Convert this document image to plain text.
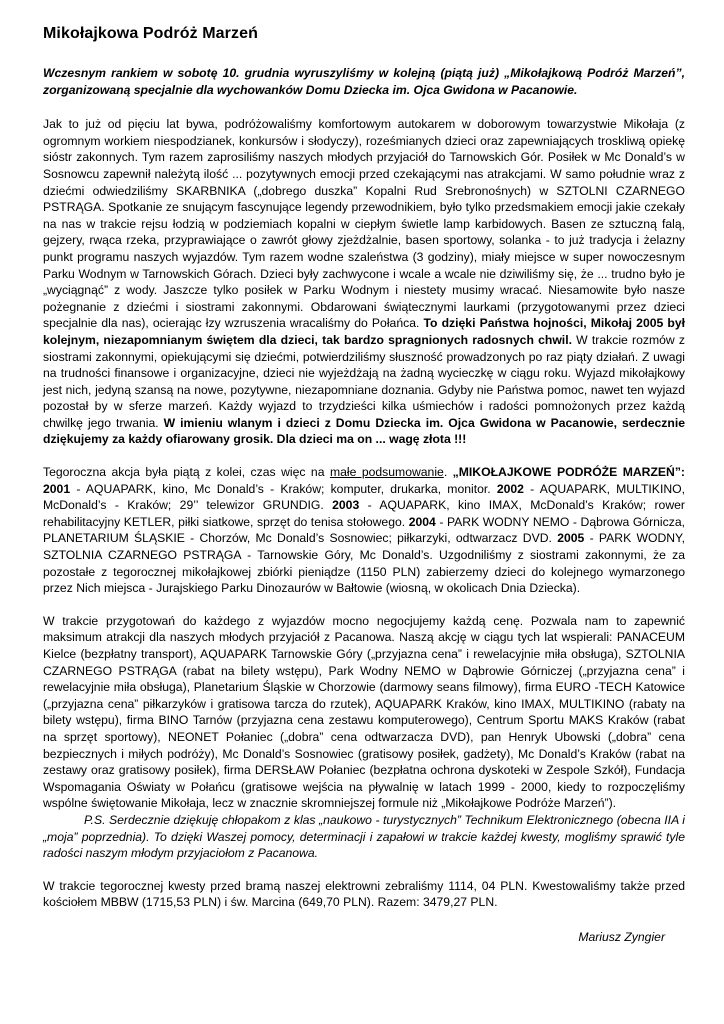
Mikołajkowa Podróż Marzeń

Wczesnym rankiem w sobotę 10. grudnia wyruszyliśmy w kolejną (piątą już) „Mikołajkową Podróż Marzeń”, zorganizowaną specjalnie dla wychowanków Domu Dziecka im. Ojca Gwidona w Pacanowie.

Jak to już od pięciu lat bywa, podróżowaliśmy komfortowym autokarem w doborowym towarzystwie Mikołaja (z ogromnym workiem niespodzianek, konkursów i słodyczy), roześmianych dzieci oraz zapewniających troskliwą opiekę sióstr zakonnych. Tym razem zaprosiliśmy naszych młodych przyjaciół do Tarnowskich Gór. Posiłek w Mc Donald’s w Sosnowcu zapewnił należytą ilość ... pozytywnych emocji przed czekającymi nas atrakcjami. W samo południe wraz z dziećmi odwiedziliśmy SKARBNIKA („dobrego duszka” Kopalni Rud Srebronośnych) w SZTOLNI CZARNEGO PSTRĄGA. Spotkanie ze snującym fascynujące legendy przewodnikiem, było tylko przedsmakiem emocji jakie czekały na nas w trakcie rejsu łodzią w podziemiach kopalni w ciepłym świetle lamp karbidowych. Basen ze sztuczną falą, gejzery, rwąca rzeka, przyprawiające o zawrót głowy zjeżdżalnie, basen sportowy, solanka - to już tradycja i żelazny punkt programu naszych wyjazdów. Tym razem wodne szaleństwa (3 godziny), miały miejsce w super nowoczesnym Parku Wodnym w Tarnowskich Górach. Dzieci były zachwycone i wcale a wcale nie dziwiliśmy się, że ... trudno było je „wyciągnąć” z wody. Jaszcze tylko posiłek w Parku Wodnym i niestety musimy wracać. Niesamowite było nasze pożegnanie z dziećmi i siostrami zakonnymi. Obdarowani świątecznymi laurkami (przygotowanymi przez dzieci specjalnie dla nas), ocierając łzy wzruszenia wracaliśmy do Połańca. To dzięki Państwa hojności, Mikołaj 2005 był kolejnym, niezapomnianym świętem dla dzieci, tak bardzo spragnionych radosnych chwil. W trakcie rozmów z siostrami zakonnymi, opiekującymi się dziećmi, potwierdziliśmy słuszność prowadzonych po raz piąty działań. Z uwagi na trudności finansowe i organizacyjne, dzieci nie wyjeżdżają na żadną wycieczkę w ciągu roku. Wyjazd mikołajkowy jest nich, jedyną szansą na nowe, pozytywne, niezapomniane doznania. Gdyby nie Państwa pomoc, nawet ten wyjazd pozostał by w sferze marzeń. Każdy wyjazd to trzydzieści kilka uśmiechów i radości pomnożonych przez każdą chwilkę jego trwania. W imieniu wlanym i dzieci z Domu Dziecka im. Ojca Gwidona w Pacanowie, serdecznie dziękujemy za każdy ofiarowany grosik. Dla dzieci ma on ... wagę złota !!!

Tegoroczna akcja była piątą z kolei, czas więc na małe podsumowanie. „MIKOŁAJKOWE PODRÓŻE MARZEŃ”: 2001 - AQUAPARK, kino, Mc Donald’s - Kraków; komputer, drukarka, monitor. 2002 - AQUAPARK, MULTIKINO, McDonald’s - Kraków; 29’’ telewizor GRUNDIG. 2003 - AQUAPARK, kino IMAX, McDonald’s Kraków; rower rehabilitacyjny KETLER, piłki siatkowe, sprzęt do tenisa stołowego. 2004 - PARK WODNY NEMO - Dąbrowa Górnicza, PLANETARIUM ŚLĄSKIE - Chorzów, Mc Donald’s Sosnowiec; piłkarzyki, odtwarzacz DVD. 2005 - PARK WODNY, SZTOLNIA CZARNEGO PSTRĄGA - Tarnowskie Góry, Mc Donald’s. Uzgodniliśmy z siostrami zakonnymi, że za pozostałe z tegorocznej mikołajkowej zbiórki pieniądze (1150 PLN) zabierzemy dzieci do kolejnego wymarzonego przez Nich miejsca - Jurajskiego Parku Dinozaurów w Bałtowie (wiosną, w okolicach Dnia Dziecka).

W trakcie przygotowań do każdego z wyjazdów mocno negocjujemy każdą cenę. Pozwala nam to zapewnić maksimum atrakcji dla naszych młodych przyjaciół z Pacanowa. Naszą akcję w ciągu tych lat wspierali: PANACEUM Kielce (bezpłatny transport), AQUAPARK Tarnowskie Góry („przyjazna cena” i rewelacyjnie miła obsługa), SZTOLNIA CZARNEGO PSTRĄGA (rabat na bilety wstępu), Park Wodny NEMO w Dąbrowie Górniczej („przyjazna cena” i rewelacyjnie miła obsługa), Planetarium Śląskie w Chorzowie (darmowy seans filmowy), firma EURO -TECH Katowice („przyjazna cena” piłkarzyków i gratisowa tarcza do rzutek), AQUAPARK Kraków, kino IMAX, MULTIKINO (rabaty na bilety wstępu), firma BINO Tarnów (przyjazna cena zestawu komputerowego), Centrum Sportu MAKS Kraków (rabat na sprzęt sportowy), NEONET Połaniec („dobra” cena odtwarzacza DVD), pan Henryk Ubowski („dobra” cena bezpiecznych i miłych podróży), Mc Donald’s Sosnowiec (gratisowy posiłek, gadżety), Mc Donald’s Kraków (rabat na zestawy oraz gratisowy posiłek), firma DERSŁAW Połaniec (bezpłatna ochrona dyskoteki w Zespole Szkół), Fundacja Wspomagania Oświaty w Połańcu (gratisowe wejścia na pływalnię w latach 1999 - 2000, kiedy to rozpoczęliśmy wspólne świętowanie Mikołaja, lecz w znacznie skromniejszej formule niż „Mikołajkowe Podróże Marzeń”).

P.S. Serdecznie dziękuję chłopakom z klas „naukowo - turystycznych” Technikum Elektronicznego (obecna IIA i „moja” poprzednia). To dzięki Waszej pomocy, determinacji i zapałowi w trakcie każdej kwesty, mogliśmy sprawić tyle radości naszym młodym przyjaciołom z Pacanowa.

W trakcie tegorocznej kwesty przed bramą naszej elektrowni zebraliśmy 1114, 04 PLN. Kwestowaliśmy także przed kościołem MBBW (1715,53 PLN) i św. Marcina (649,70 PLN). Razem: 3479,27 PLN.

Mariusz Zyngier
